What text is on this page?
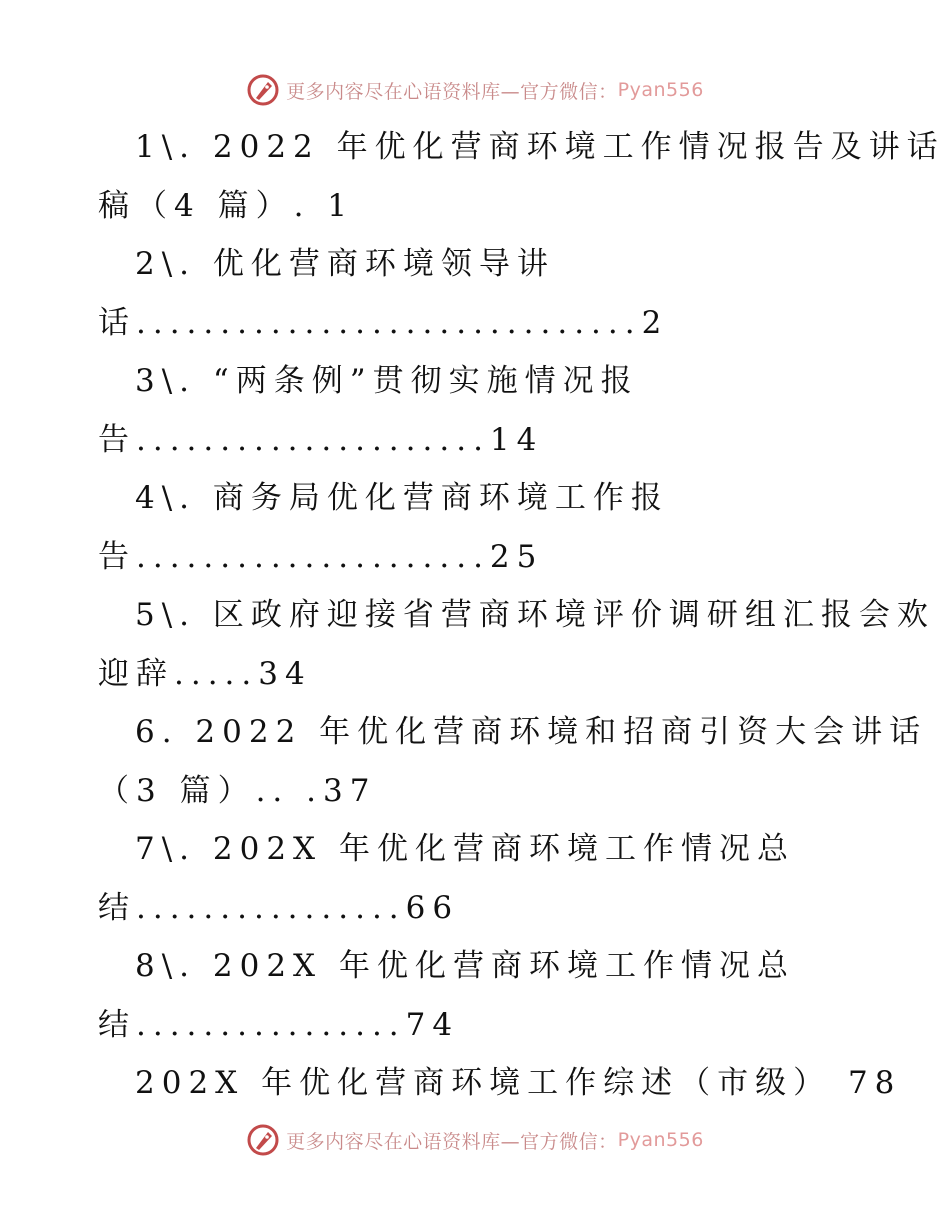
更多内容尽在心语资料库—官方微信： Pyan556
1\. 2022 年优化营商环境工作情况报告及讲话
稿（4 篇）. 1
2\. 优化营商环境领导讲
话..............................2
3\. “两条例”贯彻实施情况报
告.....................14
4\. 商务局优化营商环境工作报
告.....................25
5\. 区政府迎接省营商环境评价调研组汇报会欢
迎辞.....34
6. 2022 年优化营商环境和招商引资大会讲话
（3 篇）.. .37
7\. 202X 年优化营商环境工作情况总
结................66
8\. 202X 年优化营商环境工作情况总
结................74
202X 年优化营商环境工作综述（市级） 78
更多内容尽在心语资料库—官方微信： Pyan556
